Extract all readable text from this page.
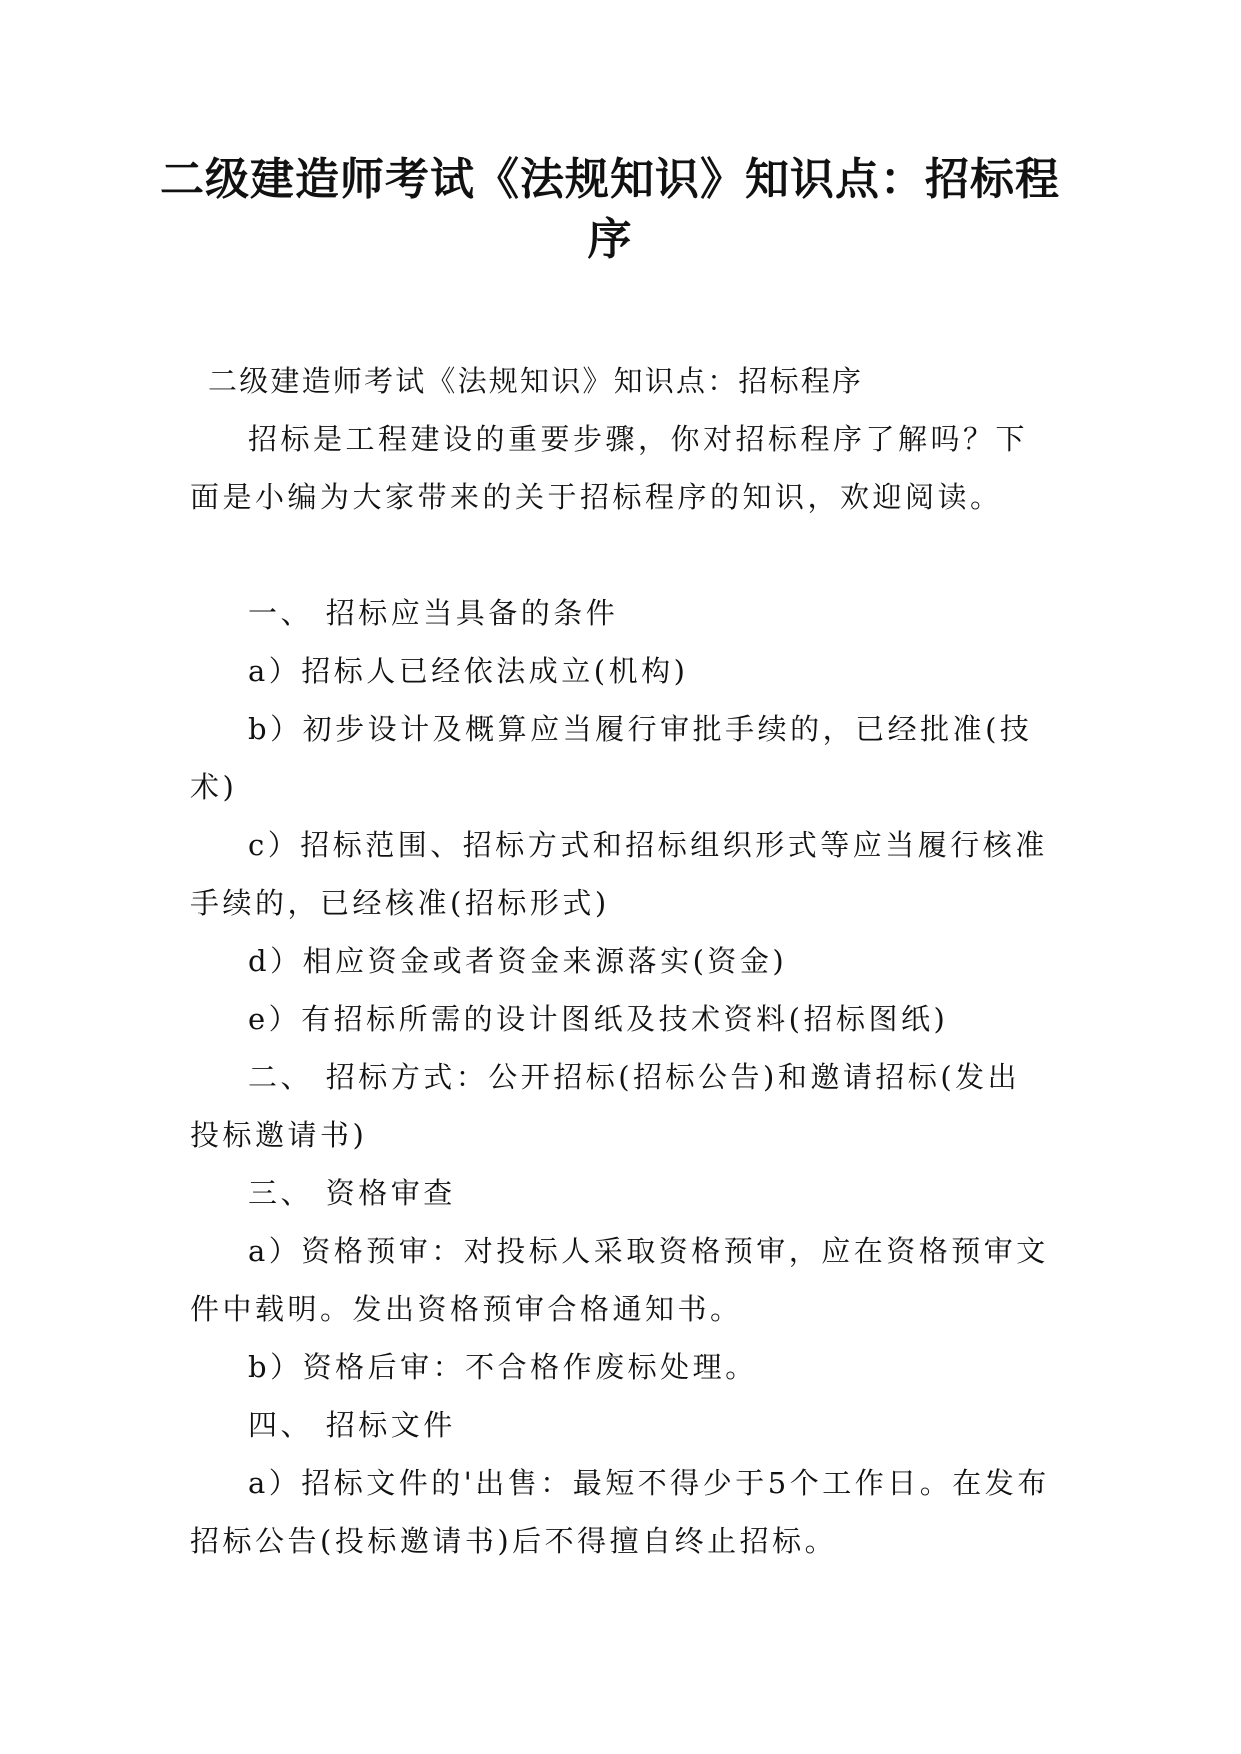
二级建造师考试《法规知识》知识点：招标程序

二级建造师考试《法规知识》知识点：招标程序

招标是工程建设的重要步骤，你对招标程序了解吗？下面是小编为大家带来的关于招标程序的知识，欢迎阅读。

一、 招标应当具备的条件

a）招标人已经依法成立(机构)

b）初步设计及概算应当履行审批手续的，已经批准(技术)

c）招标范围、招标方式和招标组织形式等应当履行核准手续的，已经核准(招标形式)

d）相应资金或者资金来源落实(资金)

e）有招标所需的设计图纸及技术资料(招标图纸)

二、 招标方式：公开招标(招标公告)和邀请招标(发出投标邀请书)

三、 资格审查

a）资格预审：对投标人采取资格预审，应在资格预审文件中载明。发出资格预审合格通知书。

b）资格后审：不合格作废标处理。

四、 招标文件

a）招标文件的'出售：最短不得少于5个工作日。在发布招标公告(投标邀请书)后不得擅自终止招标。
